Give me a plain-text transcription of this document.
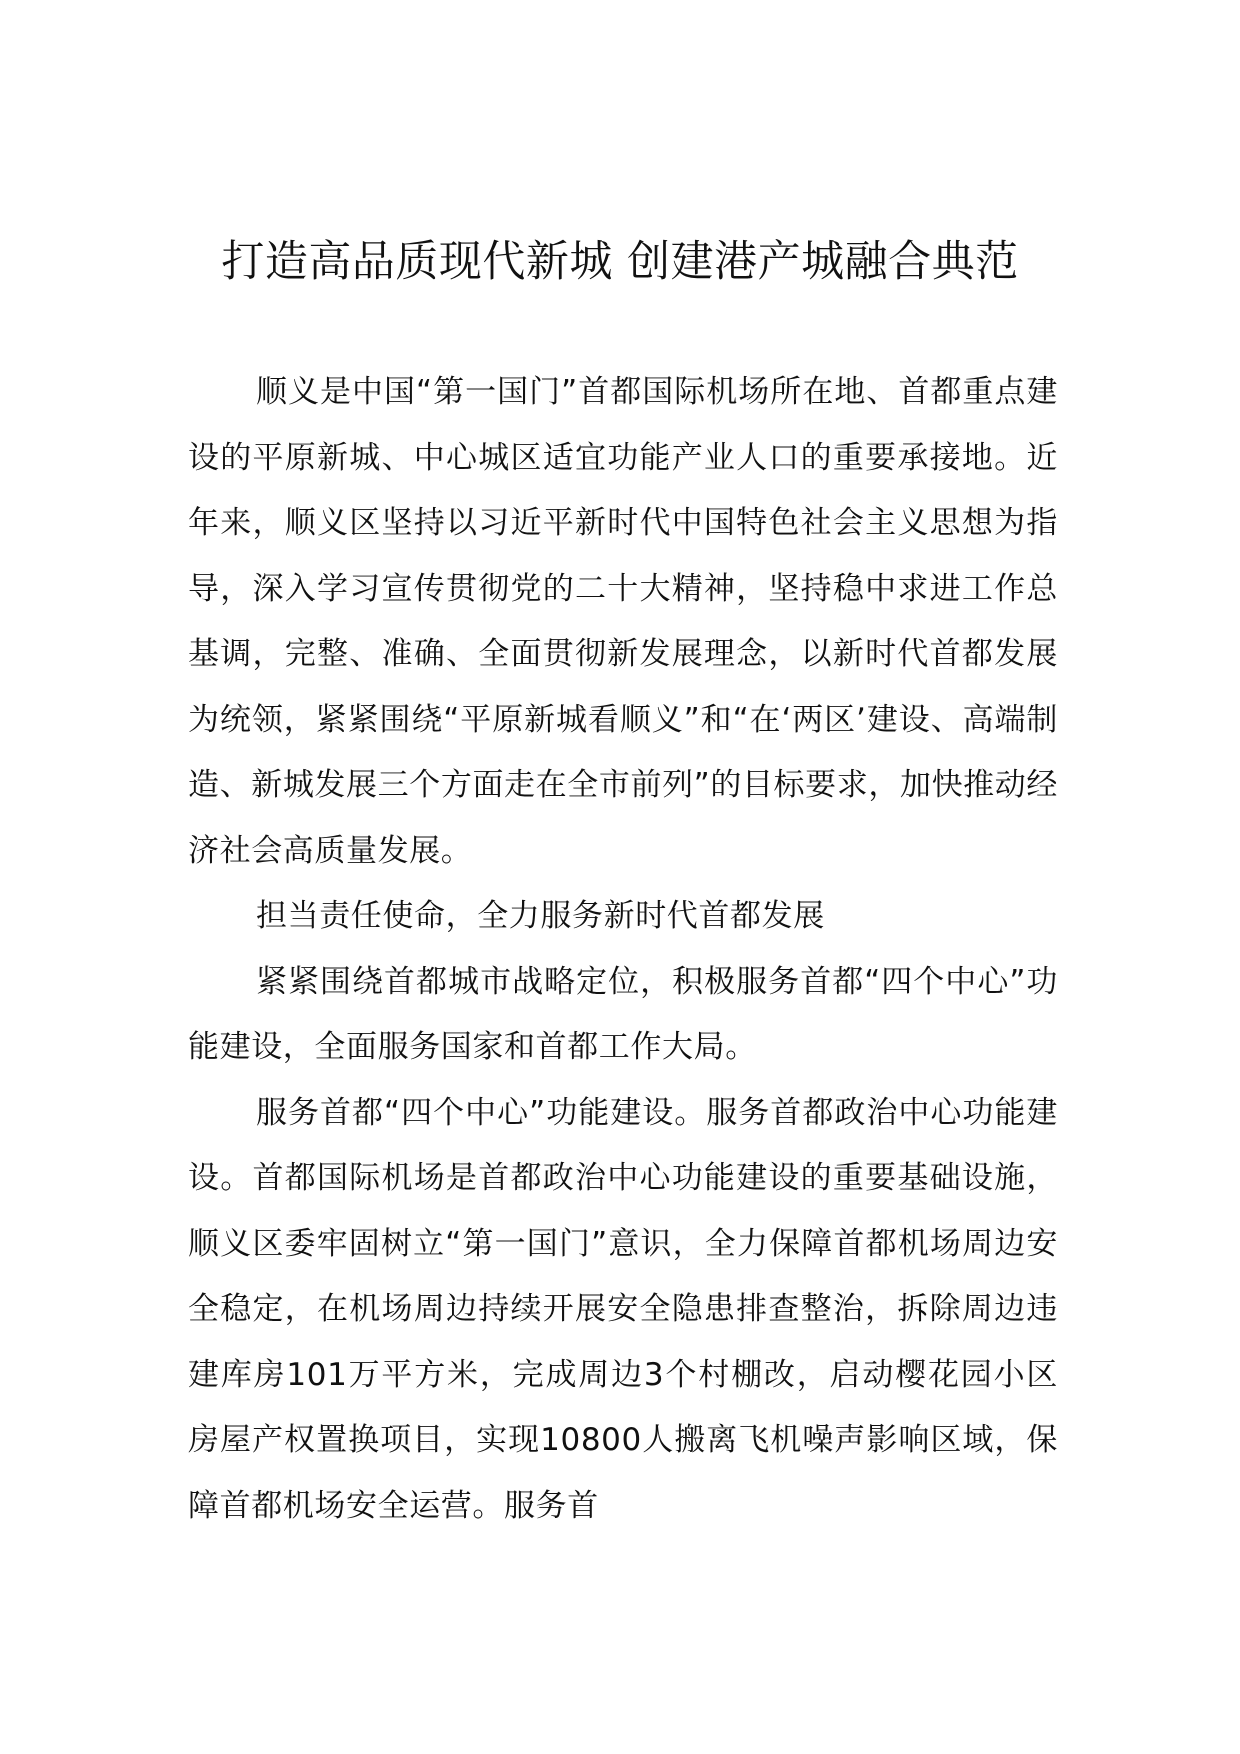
打造高品质现代新城 创建港产城融合典范

顺义是中国“第一国门”首都国际机场所在地、首都重点建设的平原新城、中心城区适宜功能产业人口的重要承接地。近年来，顺义区坚持以习近平新时代中国特色社会主义思想为指导，深入学习宣传贯彻党的二十大精神，坚持稳中求进工作总基调，完整、准确、全面贯彻新发展理念，以新时代首都发展为统领，紧紧围绕“平原新城看顺义”和“在‘两区’建设、高端制造、新城发展三个方面走在全市前列”的目标要求，加快推动经济社会高质量发展。

担当责任使命，全力服务新时代首都发展

紧紧围绕首都城市战略定位，积极服务首都“四个中心”功能建设，全面服务国家和首都工作大局。

服务首都“四个中心”功能建设。服务首都政治中心功能建设。首都国际机场是首都政治中心功能建设的重要基础设施，顺义区委牢固树立“第一国门”意识，全力保障首都机场周边安全稳定，在机场周边持续开展安全隐患排查整治，拆除周边违建库房101万平方米，完成周边3个村棚改，启动樱花园小区房屋产权置换项目，实现10800人搬离飞机噪声影响区域，保障首都机场安全运营。服务首
